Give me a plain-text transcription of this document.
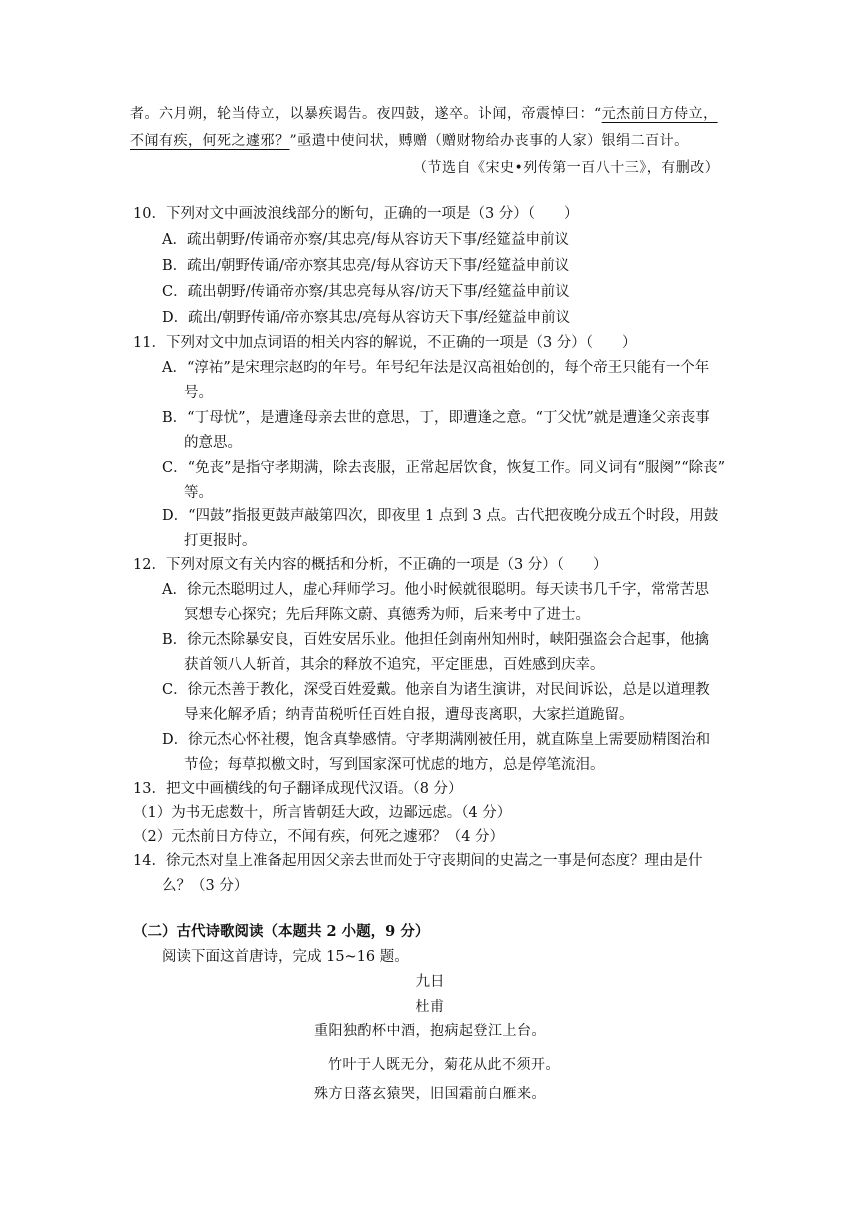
者。六月朔，轮当侍立，以暴疾谒告。夜四鼓，遂卒。讣闻，帝震悼曰：“元杰前日方侍立，
不闻有疾，何死之遽邪？”亟遣中使问状，赙赠（赠财物给办丧事的人家）银绢二百计。
（节选自《宋史•列传第一百八十三》，有删改）
10．下列对文中画波浪线部分的断句，正确的一项是（3 分）（　　）
A．疏出朝野/传诵帝亦察/其忠亮/每从容访天下事/经筵益申前议
B．疏出/朝野传诵/帝亦察其忠亮/每从容访天下事/经筵益申前议
C．疏出朝野/传诵帝亦察/其忠亮每从容/访天下事/经筵益申前议
D．疏出/朝野传诵/帝亦察其忠/亮每从容访天下事/经筵益申前议
11．下列对文中加点词语的相关内容的解说，不正确的一项是（3 分）（　　）
A．“淳祐”是宋理宗赵昀的年号。年号纪年法是汉高祖始创的，每个帝王只能有一个年
号。
B．“丁母忧”，是遭逢母亲去世的意思，丁，即遭逢之意。“丁父忧”就是遭逢父亲丧事
的意思。
C．“免丧”是指守孝期满，除去丧服，正常起居饮食，恢复工作。同义词有“服阕”“除丧”
等。
D．“四鼓”指报更鼓声敲第四次，即夜里 1 点到 3 点。古代把夜晚分成五个时段，用鼓
打更报时。
12．下列对原文有关内容的概括和分析，不正确的一项是（3 分）（　　）
A．徐元杰聪明过人，虚心拜师学习。他小时候就很聪明。每天读书几千字，常常苦思
冥想专心探究；先后拜陈文蔚、真德秀为师，后来考中了进士。
B．徐元杰除暴安良，百姓安居乐业。他担任剑南州知州时，峡阳强盗会合起事，他擒
获首领八人斩首，其余的释放不追究，平定匪患，百姓感到庆幸。
C．徐元杰善于教化，深受百姓爱戴。他亲自为诸生演讲，对民间诉讼，总是以道理教
导来化解矛盾；纳青苗税听任百姓自报，遭母丧离职，大家拦道跪留。
D．徐元杰心怀社稷，饱含真挚感情。守孝期满刚被任用，就直陈皇上需要励精图治和
节俭；每草拟檄文时，写到国家深可忧虑的地方，总是停笔流泪。
13．把文中画横线的句子翻译成现代汉语。（8 分）
（1）为书无虑数十，所言皆朝廷大政，边鄙远虑。（4 分）
（2）元杰前日方侍立，不闻有疾，何死之遽邪？（4 分）
14．徐元杰对皇上准备起用因父亲去世而处于守丧期间的史嵩之一事是何态度？理由是什
么？（3 分）
（二）古代诗歌阅读（本题共 2 小题，9 分）
阅读下面这首唐诗，完成 15~16 题。
九日
杜甫
重阳独酌杯中酒，抱病起登江上台。
竹叶于人既无分，菊花从此不须开。
殊方日落玄猿哭，旧国霜前白雁来。
